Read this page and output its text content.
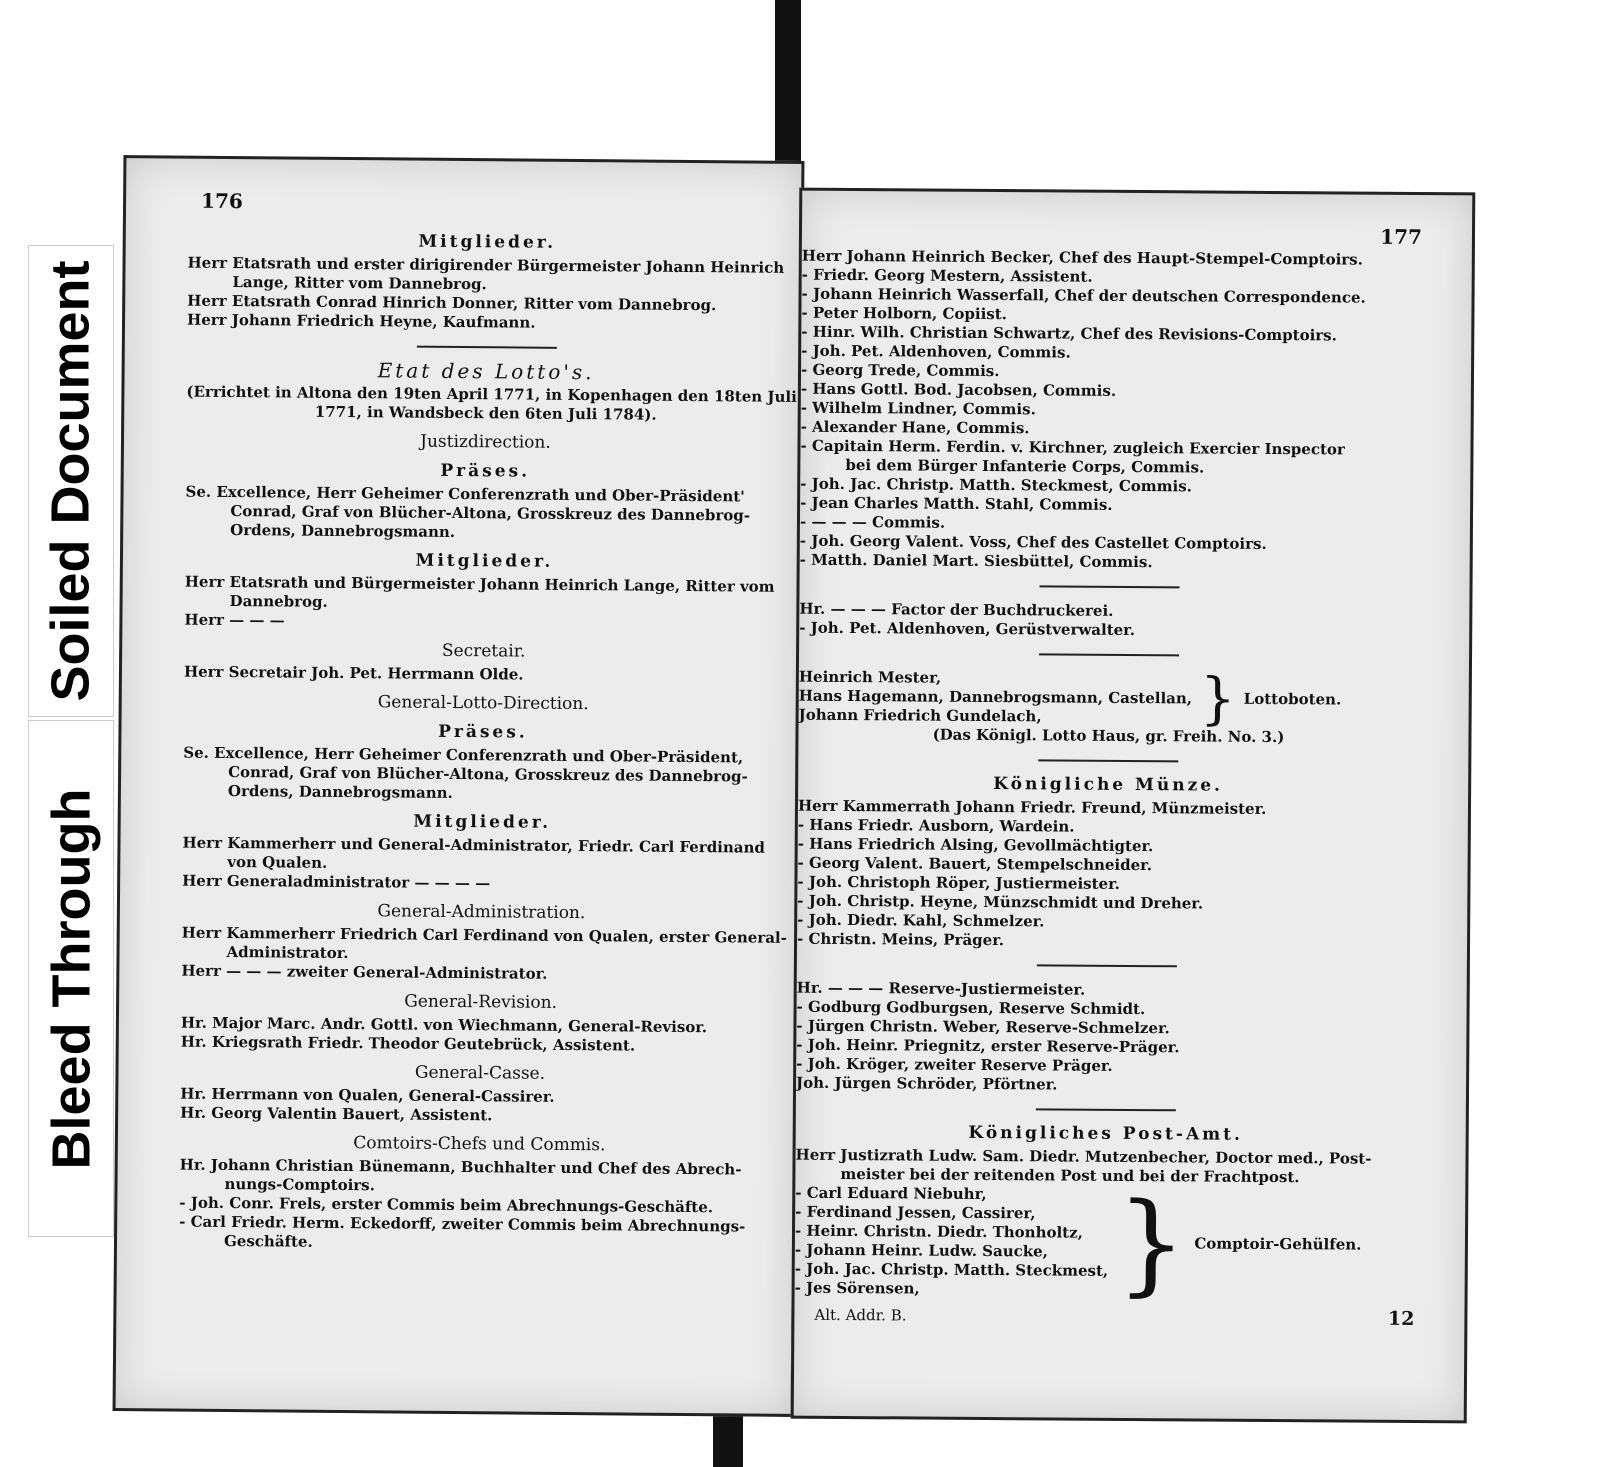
Soiled Document
Bleed Through
176
Mitglieder.
Herr Etatsrath und erster dirigirender Bürgermeister Johann Heinrich
Lange, Ritter vom Dannebrog.
Herr Etatsrath Conrad Hinrich Donner, Ritter vom Dannebrog.
Herr Johann Friedrich Heyne, Kaufmann.
Etat des Lotto's.
(Errichtet in Altona den 19ten April 1771, in Kopenhagen den 18ten Juli
1771, in Wandsbeck den 6ten Juli 1784).
Justizdirection.
Präses.
Se. Excellence, Herr Geheimer Conferenzrath und Ober-Präsident'
Conrad, Graf von Blücher-Altona, Grosskreuz des Dannebrog-
Ordens, Dannebrogsmann.
Mitglieder.
Herr Etatsrath und Bürgermeister Johann Heinrich Lange, Ritter vom
Dannebrog.
Herr — — —
Secretair.
Herr Secretair Joh. Pet. Herrmann Olde.
General-Lotto-Direction.
Präses.
Se. Excellence, Herr Geheimer Conferenzrath und Ober-Präsident,
Conrad, Graf von Blücher-Altona, Grosskreuz des Dannebrog-
Ordens, Dannebrogsmann.
Mitglieder.
Herr Kammerherr und General-Administrator, Friedr. Carl Ferdinand
von Qualen.
Herr Generaladministrator — — — —
General-Administration.
Herr Kammerherr Friedrich Carl Ferdinand von Qualen, erster General-
Administrator.
Herr — — — zweiter General-Administrator.
General-Revision.
Hr. Major Marc. Andr. Gottl. von Wiechmann, General-Revisor.
Hr. Kriegsrath Friedr. Theodor Geutebrück, Assistent.
General-Casse.
Hr. Herrmann von Qualen, General-Cassirer.
Hr. Georg Valentin Bauert, Assistent.
Comtoirs-Chefs und Commis.
Hr. Johann Christian Bünemann, Buchhalter und Chef des Abrech-
nungs-Comptoirs.
- Joh. Conr. Frels, erster Commis beim Abrechnungs-Geschäfte.
- Carl Friedr. Herm. Eckedorff, zweiter Commis beim Abrechnungs-
Geschäfte.
177
Herr Johann Heinrich Becker, Chef des Haupt-Stempel-Comptoirs.
- Friedr. Georg Mestern, Assistent.
- Johann Heinrich Wasserfall, Chef der deutschen Correspondence.
- Peter Holborn, Copiist.
- Hinr. Wilh. Christian Schwartz, Chef des Revisions-Comptoirs.
- Joh. Pet. Aldenhoven, Commis.
- Georg Trede, Commis.
- Hans Gottl. Bod. Jacobsen, Commis.
- Wilhelm Lindner, Commis.
- Alexander Hane, Commis.
- Capitain Herm. Ferdin. v. Kirchner, zugleich Exercier Inspector
bei dem Bürger Infanterie Corps, Commis.
- Joh. Jac. Christp. Matth. Steckmest, Commis.
- Jean Charles Matth. Stahl, Commis.
- — — — Commis.
- Joh. Georg Valent. Voss, Chef des Castellet Comptoirs.
- Matth. Daniel Mart. Siesbüttel, Commis.
Hr. — — — Factor der Buchdruckerei.
- Joh. Pet. Aldenhoven, Gerüstverwalter.
Heinrich Mester,
Hans Hagemann, Dannebrogsmann, Castellan,
Johann Friedrich Gundelach,	} Lottoboten.
(Das Königl. Lotto Haus, gr. Freih. No. 3.)
Königliche Münze.
Herr Kammerrath Johann Friedr. Freund, Münzmeister.
- Hans Friedr. Ausborn, Wardein.
- Hans Friedrich Alsing, Gevollmächtigter.
- Georg Valent. Bauert, Stempelschneider.
- Joh. Christoph Röper, Justiermeister.
- Joh. Christp. Heyne, Münzschmidt und Dreher.
- Joh. Diedr. Kahl, Schmelzer.
- Christn. Meins, Präger.
Hr. — — — Reserve-Justiermeister.
- Godburg Godburgsen, Reserve Schmidt.
- Jürgen Christn. Weber, Reserve-Schmelzer.
- Joh. Heinr. Priegnitz, erster Reserve-Präger.
- Joh. Kröger, zweiter Reserve Präger.
Joh. Jürgen Schröder, Pförtner.
Königliches Post-Amt.
Herr Justizrath Ludw. Sam. Diedr. Mutzenbecher, Doctor med., Post-
meister bei der reitenden Post und bei der Frachtpost.
- Carl Eduard Niebuhr,
- Ferdinand Jessen, Cassirer,
- Heinr. Christn. Diedr. Thonholtz,
- Johann Heinr. Ludw. Saucke,
- Joh. Jac. Christp. Matth. Steckmest,
- Jes Sörensen,	} Comptoir-Gehülfen.
Alt. Addr. B.	12
